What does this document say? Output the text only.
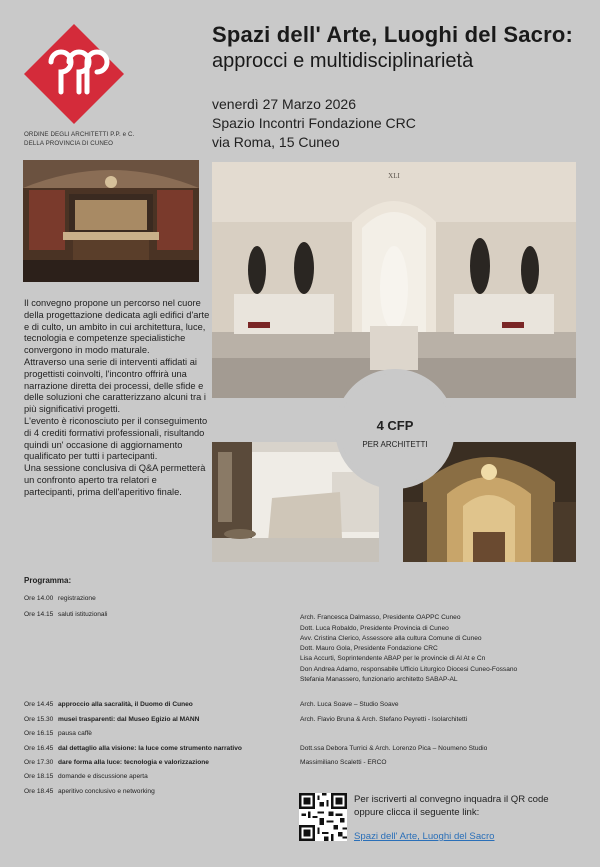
ORDINE DEGLI ARCHITETTI P.P. e C.
DELLA PROVINCIA DI CUNEO
Spazi dell' Arte, Luoghi del Sacro:
approcci e multidisciplinarietà
venerdì 27 Marzo 2026
Spazio Incontri Fondazione CRC
via Roma, 15 Cuneo
XLI
4 CFP
PER ARCHITETTI

Il convegno propone un percorso nel cuore della progettazione dedicata agli edifici d'arte e di culto, un ambito in cui architettura, luce, tecnologia e competenze specialistiche convergono in modo maturale.

Attraverso una serie di interventi affidati ai progettisti coinvolti, l'incontro offrirà una narrazione diretta dei processi, delle sfide e delle soluzioni che caratterizzano alcuni tra i più significativi progetti.

L'evento è riconosciuto per il conseguimento di 4 crediti formativi professionali, risultando quindi un' occasione di aggiornamento qualificato per tutti i partecipanti.

Una sessione conclusiva di Q&A permetterà un confronto aperto tra relatori e partecipanti, prima dell'aperitivo finale.

Programma:
Ore 14.00 registrazione
Ore 14.15 saluti istituzionali	Arch. Francesca Dalmasso, Presidente OAPPC Cuneo
Dott. Luca Robaldo, Presidente Provincia di Cuneo
Avv. Cristina Clerico, Assessore alla cultura Comune di Cuneo
Dott. Mauro Gola, Presidente Fondazione CRC
Lisa Accurti, Soprintendente ABAP per le provincie di Al At e Cn
Don Andrea Adamo, responsabile Ufficio Liturgico Diocesi Cuneo-Fossano
Stefania Manassero, funzionario architetto SABAP-AL
Ore 14.45 approccio alla sacralità, il Duomo di Cuneo
Ore 15.30 musei trasparenti: dal Museo Egizio al MANN
Ore 16.15 pausa caffè
Ore 16.45 dal dettaglio alla visione: la luce come strumento narrativo
Ore 17.30 dare forma alla luce: tecnologia e valorizzazione
Ore 18.15 domande e discussione aperta
Ore 18.45 aperitivo conclusivo e networking
Arch. Luca Soave – Studio Soave
Arch. Flavio Bruna & Arch. Stefano Peyretti - Isolarchitetti
Dott.ssa Debora Turrici & Arch. Lorenzo Pica – Noumeno Studio
Massimiliano Scaletti - ERCO
Per iscriverti al convegno inquadra il QR code
oppure clicca il seguente link:
Spazi dell' Arte, Luoghi del Sacro
